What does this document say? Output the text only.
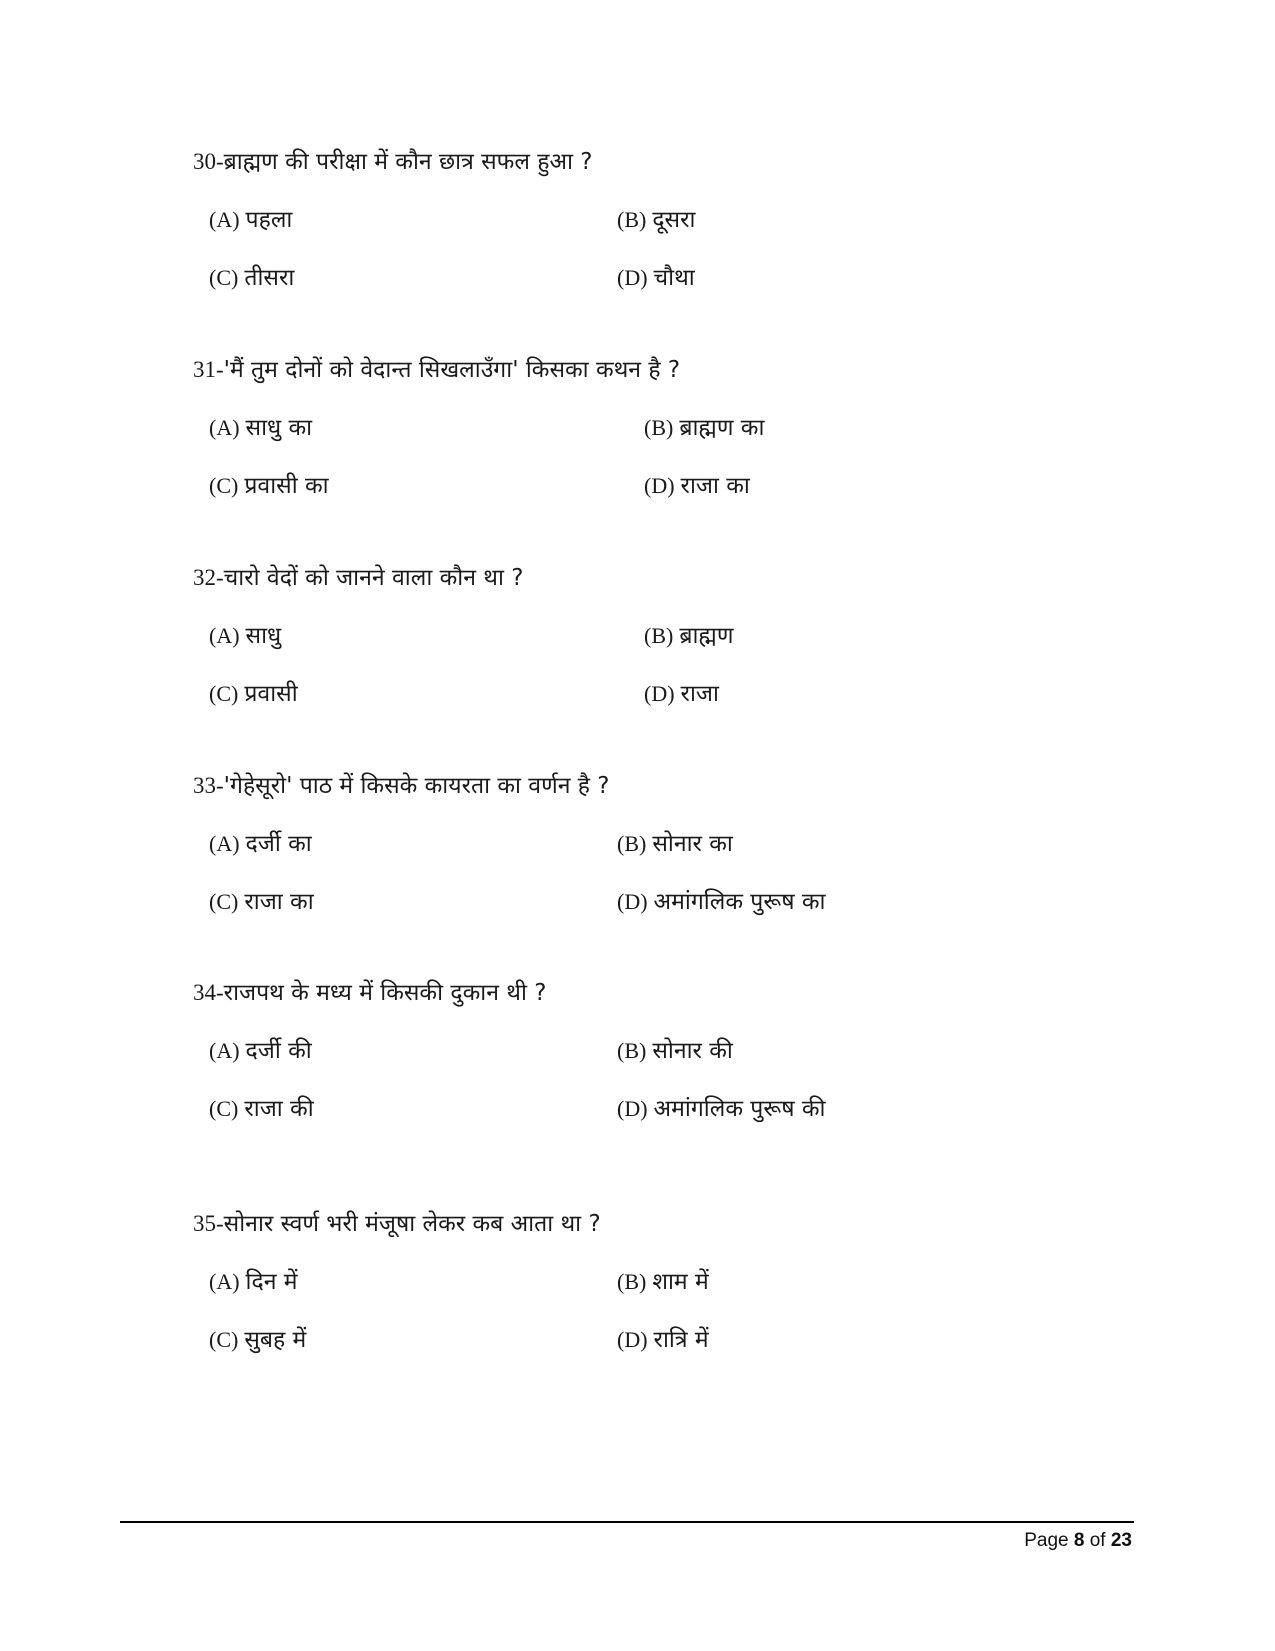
30-ब्राह्मण की परीक्षा में कौन छात्र सफल हुआ ?
(A) पहला	(B) दूसरा
(C) तीसरा	(D) चौथा
31-'मैं तुम दोनों को वेदान्त सिखलाउँगा' किसका कथन है ?
(A) साधु का	(B) ब्राह्मण का
(C) प्रवासी का	(D) राजा का
32-चारो वेदों को जानने वाला कौन था ?
(A) साधु	(B) ब्राह्मण
(C) प्रवासी	(D) राजा
33-'गेहेसूरो' पाठ में किसके कायरता का वर्णन है ?
(A) दर्जी का	(B) सोनार का
(C) राजा का	(D) अमांगलिक पुरूष का
34-राजपथ के मध्य में किसकी दुकान थी ?
(A) दर्जी की	(B) सोनार की
(C) राजा की	(D) अमांगलिक पुरूष की
35-सोनार स्वर्ण भरी मंजूषा लेकर कब आता था ?
(A) दिन में	(B) शाम में
(C) सुबह में	(D) रात्रि में
Page 8 of 23
